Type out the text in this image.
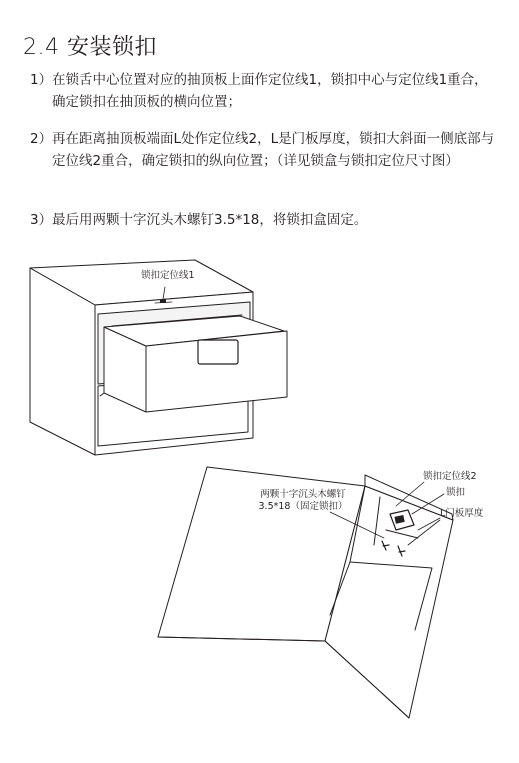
2.4 安装锁扣
1） 在锁舌中心位置对应的抽顶板上面作定位线1，锁扣中心与定位线1重合，确定锁扣在抽顶板的横向位置；
2） 再在距离抽顶板端面L处作定位线2，L是门板厚度，锁扣大斜面一侧底部与定位线2重合，确定锁扣的纵向位置；（详见锁盒与锁扣定位尺寸图）
3） 最后用两颗十字沉头木螺钉3.5*18，将锁扣盒固定。
锁扣定位线1
两颗十字沉头木螺钉
3.5*18（固定锁扣）
锁扣定位线2
锁扣
L门板厚度
